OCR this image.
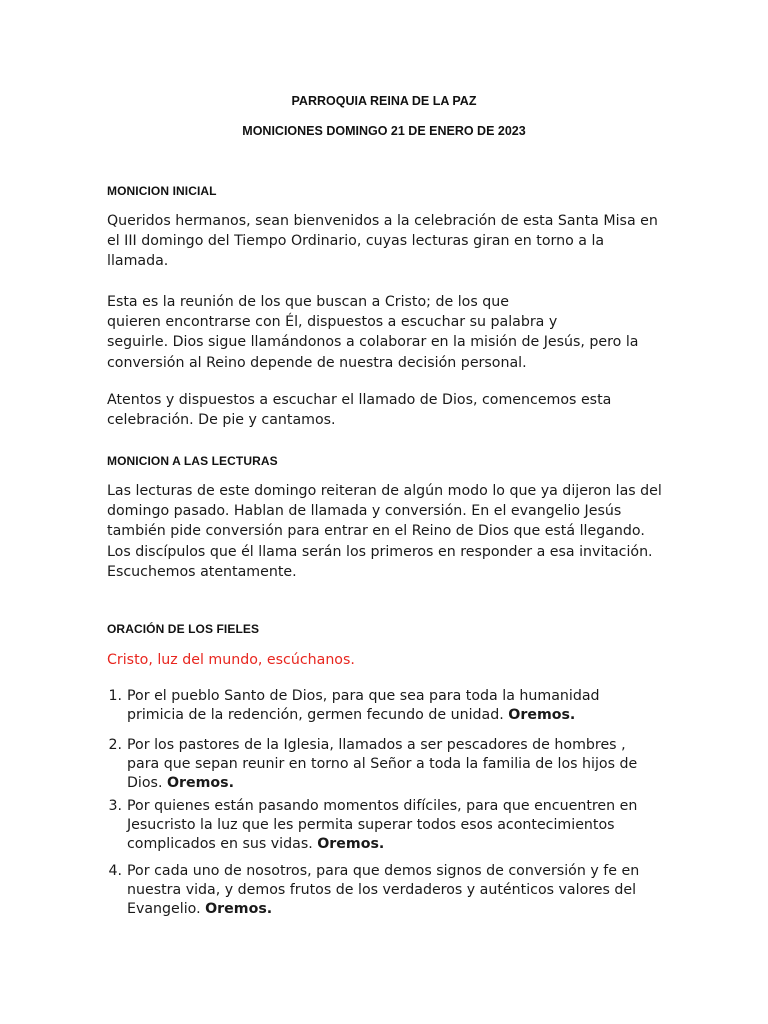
PARROQUIA REINA DE LA PAZ
MONICIONES DOMINGO 21 DE ENERO DE 2023
MONICION INICIAL

Queridos hermanos, sean bienvenidos a la celebración de esta Santa Misa en el III domingo del Tiempo Ordinario, cuyas lecturas giran en torno a la llamada.

Esta es la reunión de los que buscan a Cristo; de los que
quieren encontrarse con Él, dispuestos a escuchar su palabra y
seguirle. Dios sigue llamándonos a colaborar en la misión de Jesús, pero la
conversión al Reino depende de nuestra decisión personal.

Atentos y dispuestos a escuchar el llamado de Dios, comencemos esta celebración. De pie y cantamos.

MONICION A LAS LECTURAS

Las lecturas de este domingo reiteran de algún modo lo que ya dijeron las del domingo pasado. Hablan de llamada y conversión. En el evangelio Jesús también pide conversión para entrar en el Reino de Dios que está llegando. Los discípulos que él llama serán los primeros en responder a esa invitación. Escuchemos atentamente.

ORACIÓN DE LOS FIELES

Cristo, luz del mundo, escúchanos.

1. Por el pueblo Santo de Dios, para que sea para toda la humanidad primicia de la redención, germen fecundo de unidad. Oremos.

2. Por los pastores de la Iglesia, llamados a ser pescadores de hombres , para que sepan reunir en torno al Señor a toda la familia de los hijos de Dios. Oremos.

3. Por quienes están pasando momentos difíciles, para que encuentren en Jesucristo la luz que les permita superar todos esos acontecimientos complicados en sus vidas. Oremos.

4. Por cada uno de nosotros, para que demos signos de conversión y fe en nuestra vida, y demos frutos de los verdaderos y auténticos valores del Evangelio. Oremos.
